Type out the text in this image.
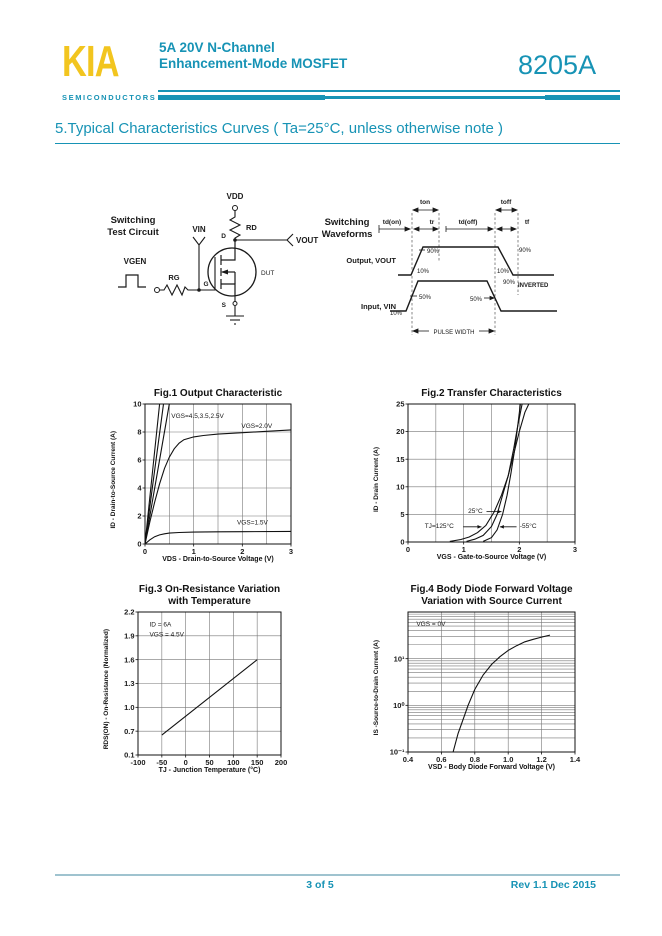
KIA
SEMICONDUCTORS
5A 20V N-Channel
Enhancement-Mode MOSFET	8205A
5.Typical Characteristics Curves ( Ta=25°C, unless otherwise note )
Switching
Test Circuit
VGEN
RG
VIN
G
D
VDD
RD
VOUT
DUT
S
Switching
Waveforms
ton	toff
td(on)	tr	td(off)	tf
90%
10%
90%
10%
50%
10%
90%
50%
Output, VOUT
Input, VIN
INVERTED
PULSE WIDTH
Fig.1 Output Characteristic
ID - Drain-to-Source Current (A)
0	1	2	3
0
2
4
6
8
10
VGS=4.5,3.5,2.5V
VGS=2.0V
VGS=1.5V
VDS - Drain-to-Source Voltage (V)
Fig.2 Transfer Characteristics
ID - Drain Current (A)
0	1	2	3
0
5
10
15
20
25
25°C
TJ=125°C	-55°C
VGS - Gate-to-Source Voltage (V)
Fig.3 On-Resistance Variation
with Temperature
RDS(ON) - On-Resistance (Normalized)
-100 -50 0 50 100 150 200
0.1
0.7
1.0
1.3
1.6
1.9
2.2
ID = 6A
VGS = 4.5V
TJ - Junction Temperature (°C)
Fig.4 Body Diode Forward Voltage
Variation with Source Current
IS -Source-to-Drain Current (A)
0.4	0.6	0.8	1.0	1.2	1.4
10⁻¹
10⁰
10¹
VGS = 0V
VSD - Body Diode Forward Voltage (V)
3 of 5	Rev 1.1 Dec 2015
